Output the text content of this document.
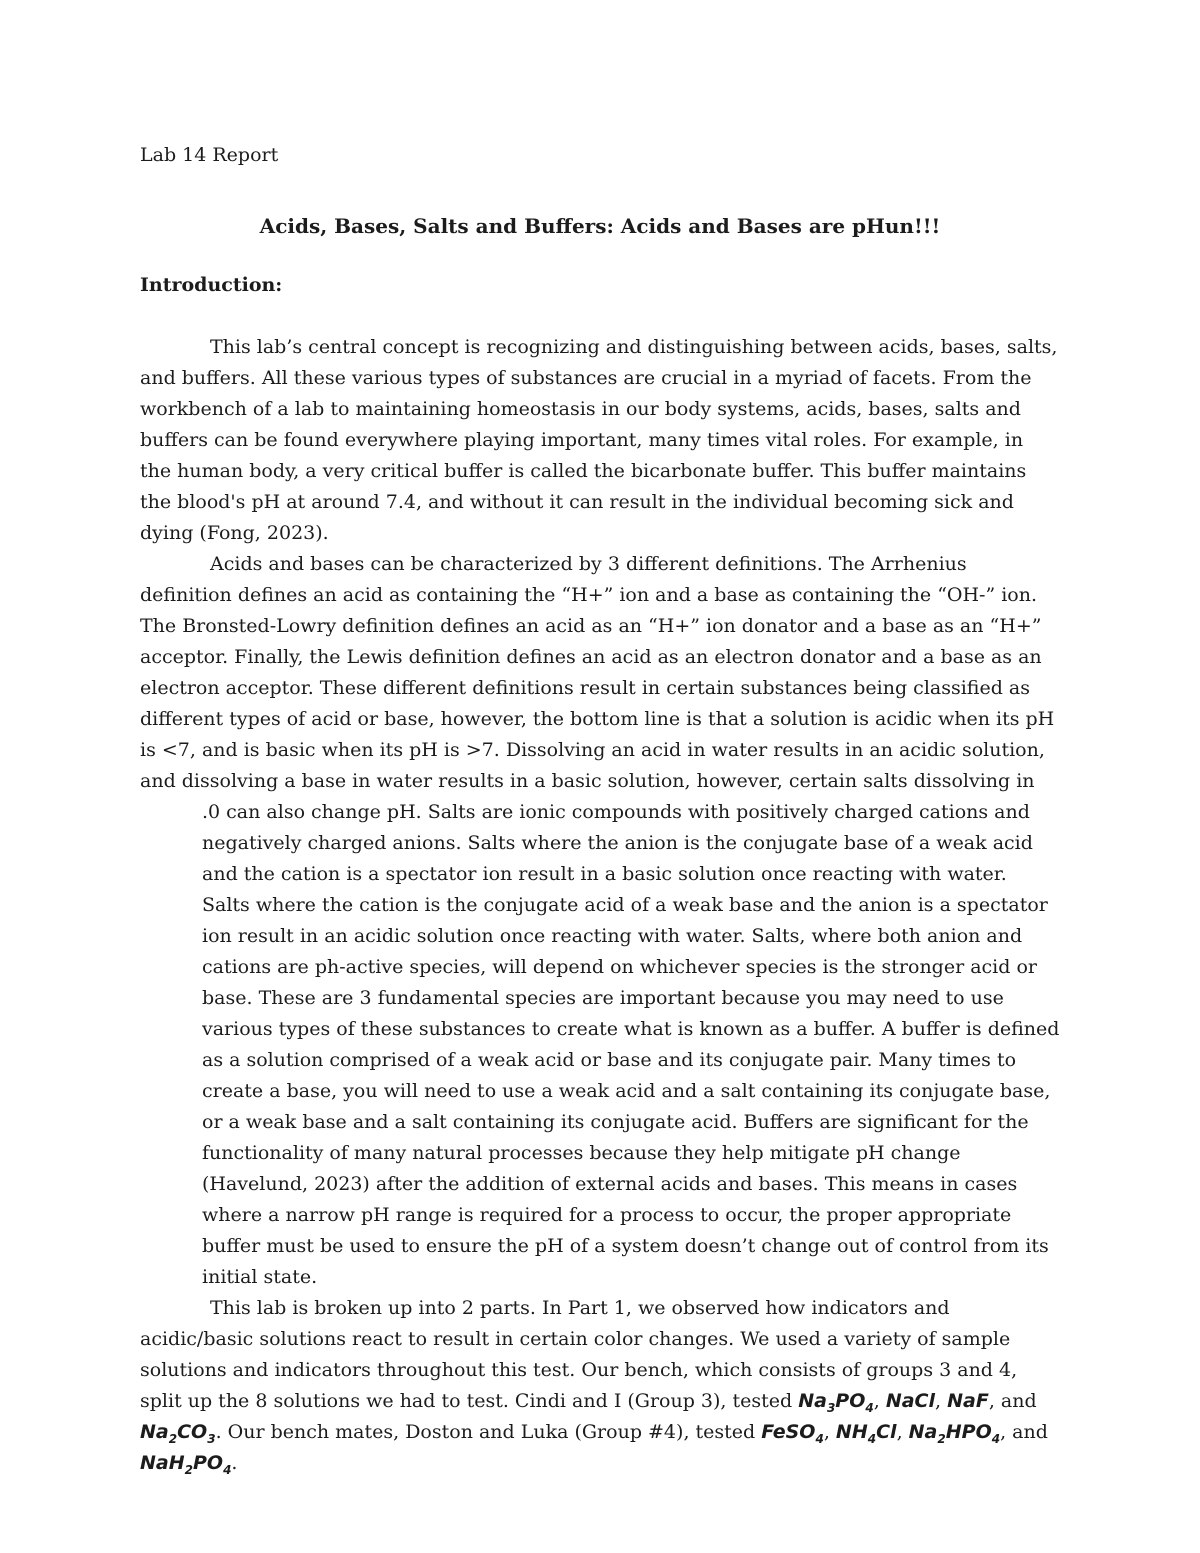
Lab 14 Report
Acids, Bases, Salts and Buffers: Acids and Bases are pHun!!!
Introduction:

This lab’s central concept is recognizing and distinguishing between acids, bases, salts, and buffers. All these various types of substances are crucial in a myriad of facets. From the workbench of a lab to maintaining homeostasis in our body systems, acids, bases, salts and buffers can be found everywhere playing important, many times vital roles. For example, in the human body, a very critical buffer is called the bicarbonate buffer. This buffer maintains the blood's pH at around 7.4, and without it can result in the individual becoming sick and dying (Fong, 2023).

Acids and bases can be characterized by 3 different definitions. The Arrhenius definition defines an acid as containing the “H+” ion and a base as containing the “OH-” ion. The Bronsted-Lowry definition defines an acid as an “H+” ion donator and a base as an “H+” acceptor. Finally, the Lewis definition defines an acid as an electron donator and a base as an electron acceptor. These different definitions result in certain substances being classified as different types of acid or base, however, the bottom line is that a solution is acidic when its pH is <7, and is basic when its pH is >7. Dissolving an acid in water results in an acidic solution, and dissolving a base in water results in a basic solution, however, certain salts dissolving in

.0 can also change pH. Salts are ionic compounds with positively charged cations and negatively charged anions. Salts where the anion is the conjugate base of a weak acid and the cation is a spectator ion result in a basic solution once reacting with water. Salts where the cation is the conjugate acid of a weak base and the anion is a spectator ion result in an acidic solution once reacting with water. Salts, where both anion and cations are ph-active species, will depend on whichever species is the stronger acid or base. These are 3 fundamental species are important because you may need to use various types of these substances to create what is known as a buffer. A buffer is defined as a solution comprised of a weak acid or base and its conjugate pair. Many times to create a base, you will need to use a weak acid and a salt containing its conjugate base, or a weak base and a salt containing its conjugate acid. Buffers are significant for the functionality of many natural processes because they help mitigate pH change (Havelund, 2023) after the addition of external acids and bases. This means in cases where a narrow pH range is required for a process to occur, the proper appropriate buffer must be used to ensure the pH of a system doesn’t change out of control from its initial state.

This lab is broken up into 2 parts. In Part 1, we observed how indicators and acidic/basic solutions react to result in certain color changes. We used a variety of sample solutions and indicators throughout this test. Our bench, which consists of groups 3 and 4, split up the 8 solutions we had to test. Cindi and I (Group 3), tested $Na_3PO_4$, NaCl, NaF, and $Na_2CO_3$. Our bench mates, Doston and Luka (Group #4), tested FeSO$_4$, $NH_4Cl$, $Na_2HPO_4$, and $NaH_2PO_4$.
